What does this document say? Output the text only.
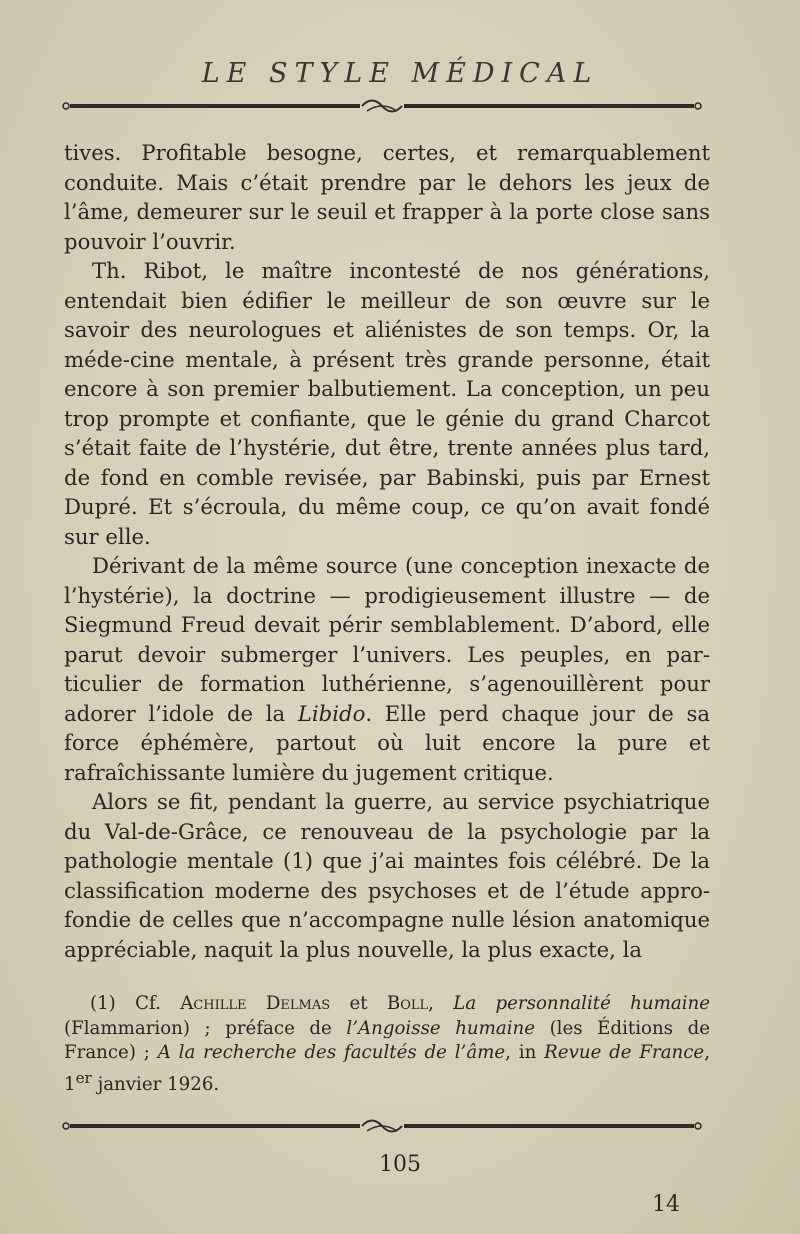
LE STYLE MÉDICAL

tives. Profitable besogne, certes, et remarquablement conduite. Mais c’était prendre par le dehors les jeux de l’âme, demeurer sur le seuil et frapper à la porte close sans pouvoir l’ouvrir.

Th. Ribot, le maître incontesté de nos générations, entendait bien édifier le meilleur de son œuvre sur le savoir des neurologues et aliénistes de son temps. Or, la méde-cine mentale, à présent très grande personne, était encore à son premier balbutiement. La conception, un peu trop prompte et confiante, que le génie du grand Charcot s’était faite de l’hystérie, dut être, trente années plus tard, de fond en comble revisée, par Babinski, puis par Ernest Dupré. Et s’écroula, du même coup, ce qu’on avait fondé sur elle.

Dérivant de la même source (une conception inexacte de l’hystérie), la doctrine — prodigieusement illustre — de Siegmund Freud devait périr semblablement. D’abord, elle parut devoir submerger l’univers. Les peuples, en par-ticulier de formation luthérienne, s’agenouillèrent pour adorer l’idole de la Libido. Elle perd chaque jour de sa force éphémère, partout où luit encore la pure et rafraîchissante lumière du jugement critique.

Alors se fit, pendant la guerre, au service psychiatrique du Val-de-Grâce, ce renouveau de la psychologie par la pathologie mentale (1) que j’ai maintes fois célébré. De la classification moderne des psychoses et de l’étude appro-fondie de celles que n’accompagne nulle lésion anatomique appréciable, naquit la plus nouvelle, la plus exacte, la

(1) Cf. Achille Delmas et Boll, La personnalité humaine (Flammarion) ; préface de l’Angoisse humaine (les Éditions de France) ; A la recherche des facultés de l’âme, in Revue de France, 1er janvier 1926.

105
14
